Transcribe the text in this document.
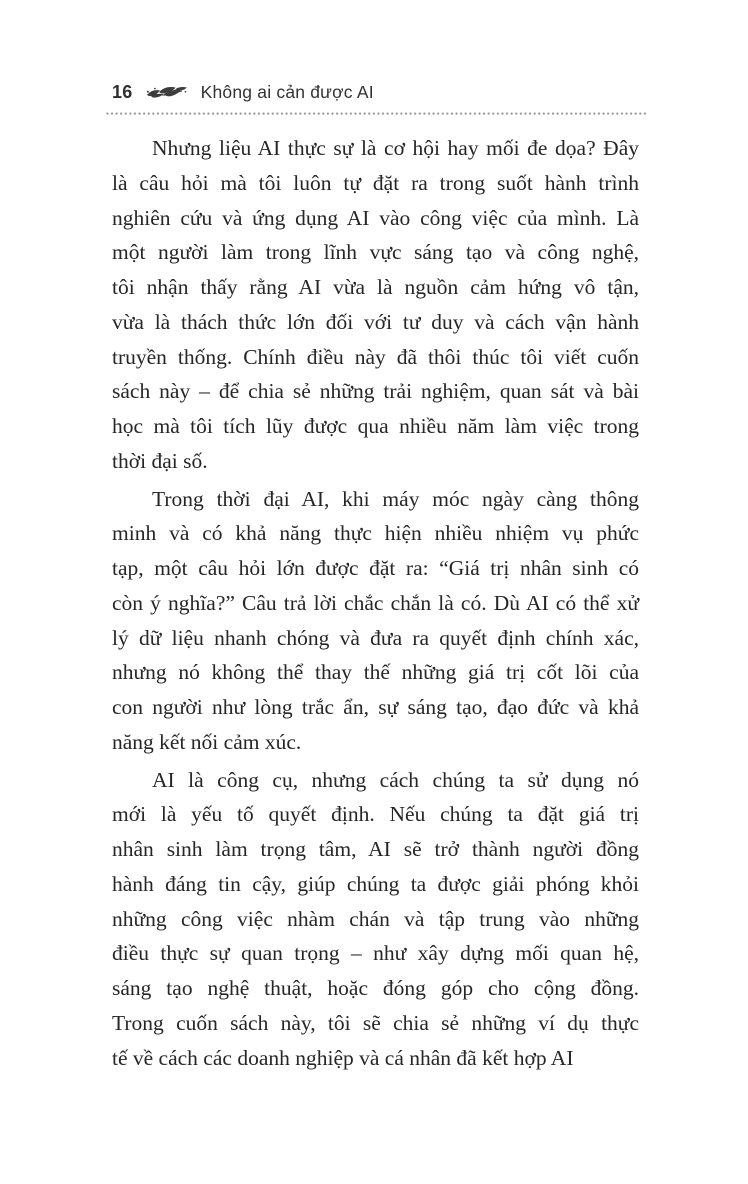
16	Không ai cản được AI
Nhưng liệu AI thực sự là cơ hội hay mối đe dọa? Đây
là câu hỏi mà tôi luôn tự đặt ra trong suốt hành trình
nghiên cứu và ứng dụng AI vào công việc của mình. Là
một người làm trong lĩnh vực sáng tạo và công nghệ,
tôi nhận thấy rằng AI vừa là nguồn cảm hứng vô tận,
vừa là thách thức lớn đối với tư duy và cách vận hành
truyền thống. Chính điều này đã thôi thúc tôi viết cuốn
sách này – để chia sẻ những trải nghiệm, quan sát và bài
học mà tôi tích lũy được qua nhiều năm làm việc trong
thời đại số.
Trong thời đại AI, khi máy móc ngày càng thông
minh và có khả năng thực hiện nhiều nhiệm vụ phức
tạp, một câu hỏi lớn được đặt ra: “Giá trị nhân sinh có
còn ý nghĩa?” Câu trả lời chắc chắn là có. Dù AI có thể xử
lý dữ liệu nhanh chóng và đưa ra quyết định chính xác,
nhưng nó không thể thay thế những giá trị cốt lõi của
con người như lòng trắc ẩn, sự sáng tạo, đạo đức và khả
năng kết nối cảm xúc.
AI là công cụ, nhưng cách chúng ta sử dụng nó
mới là yếu tố quyết định. Nếu chúng ta đặt giá trị
nhân sinh làm trọng tâm, AI sẽ trở thành người đồng
hành đáng tin cậy, giúp chúng ta được giải phóng khỏi
những công việc nhàm chán và tập trung vào những
điều thực sự quan trọng – như xây dựng mối quan hệ,
sáng tạo nghệ thuật, hoặc đóng góp cho cộng đồng.
Trong cuốn sách này, tôi sẽ chia sẻ những ví dụ thực
tế về cách các doanh nghiệp và cá nhân đã kết hợp AI
